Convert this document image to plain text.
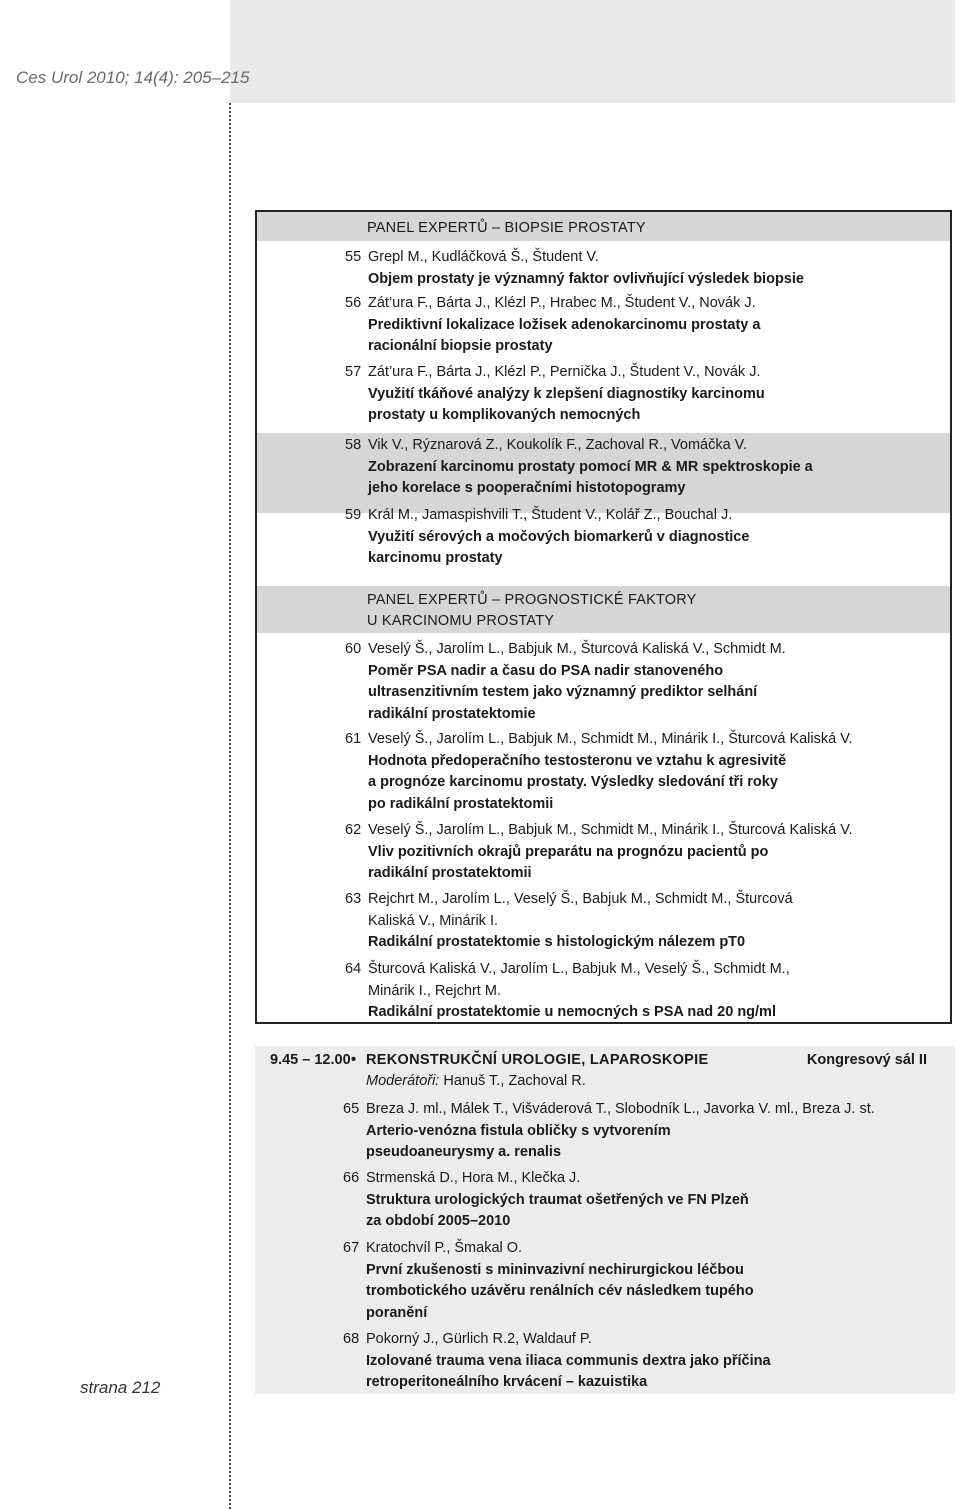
Ces Urol 2010; 14(4): 205–215
strana 212
PANEL EXPERTŮ – BIOPSIE PROSTATY
55 Grepl M., Kudláčková Š., Študent V.
Objem prostaty je významný faktor ovlivňující výsledek biopsie
56 Zát’ura F., Bárta J., Klézl P., Hrabec M., Študent V., Novák J.
Prediktivní lokalizace ložisek adenokarcinomu prostaty a racionální biopsie prostaty
57 Zát’ura F., Bárta J., Klézl P., Pernička J., Študent V., Novák J.
Využití tkáňové analýzy k zlepšení diagnostiky karcinomu prostaty u komplikovaných nemocných
58 Vik V., Rýznarová Z., Koukolík F., Zachoval R., Vomáčka V.
Zobrazení karcinomu prostaty pomocí MR & MR spektroskopie a jeho korelace s pooperačními histotopogramy
59 Král M., Jamaspishvili T., Študent V., Kolář Z., Bouchal J.
Využití sérových a močových biomarkerů v diagnostice karcinomu prostaty
PANEL EXPERTŮ – PROGNOSTICKÉ FAKTORY
U KARCINOMU PROSTATY
60 Veselý Š., Jarolím L., Babjuk M., Šturcová Kaliská V., Schmidt M.
Poměr PSA nadir a času do PSA nadir stanoveného ultrasenzitivním testem jako významný prediktor selhání radikální prostatektomie
61 Veselý Š., Jarolím L., Babjuk M., Schmidt M., Minárik I., Šturcová Kaliská V.
Hodnota předoperačního testosteronu ve vztahu k agresivitě a prognóze karcinomu prostaty. Výsledky sledování tři roky po radikální prostatektomii
62 Veselý Š., Jarolím L., Babjuk M., Schmidt M., Minárik I., Šturcová Kaliská V.
Vliv pozitivních okrajů preparátu na prognózu pacientů po radikální prostatektomii
63 Rejchrt M., Jarolím L., Veselý Š., Babjuk M., Schmidt M., Šturcová Kaliská V., Minárik I.
Radikální prostatektomie s histologickým nálezem pT0
64 Šturcová Kaliská V., Jarolím L., Babjuk M., Veselý Š., Schmidt M., Minárik I., Rejchrt M.
Radikální prostatektomie u nemocných s PSA nad 20 ng/ml
9.45 – 12.00 • REKONSTRUKČNÍ UROLOGIE, LAPAROSKOPIE	Kongresový sál II
Moderátoři: Hanuš T., Zachoval R.
65 Breza J. ml., Málek T., Višváderová T., Slobodník L., Javorka V. ml., Breza J. st.
Arterio-venózna fistula obličky s vytvorením pseudoaneurysmy a. renalis
66 Strmenská D., Hora M., Klečka J.
Struktura urologických traumat ošetřených ve FN Plzeň za období 2005–2010
67 Kratochvíl P., Šmakal O.
První zkušenosti s mininvazivní nechirurgickou léčbou trombotického uzávěru renálních cév následkem tupého poranění
68 Pokorný J., Gürlich R.2, Waldauf P.
Izolované trauma vena iliaca communis dextra jako příčina retroperitoneálního krvácení – kazuistika
